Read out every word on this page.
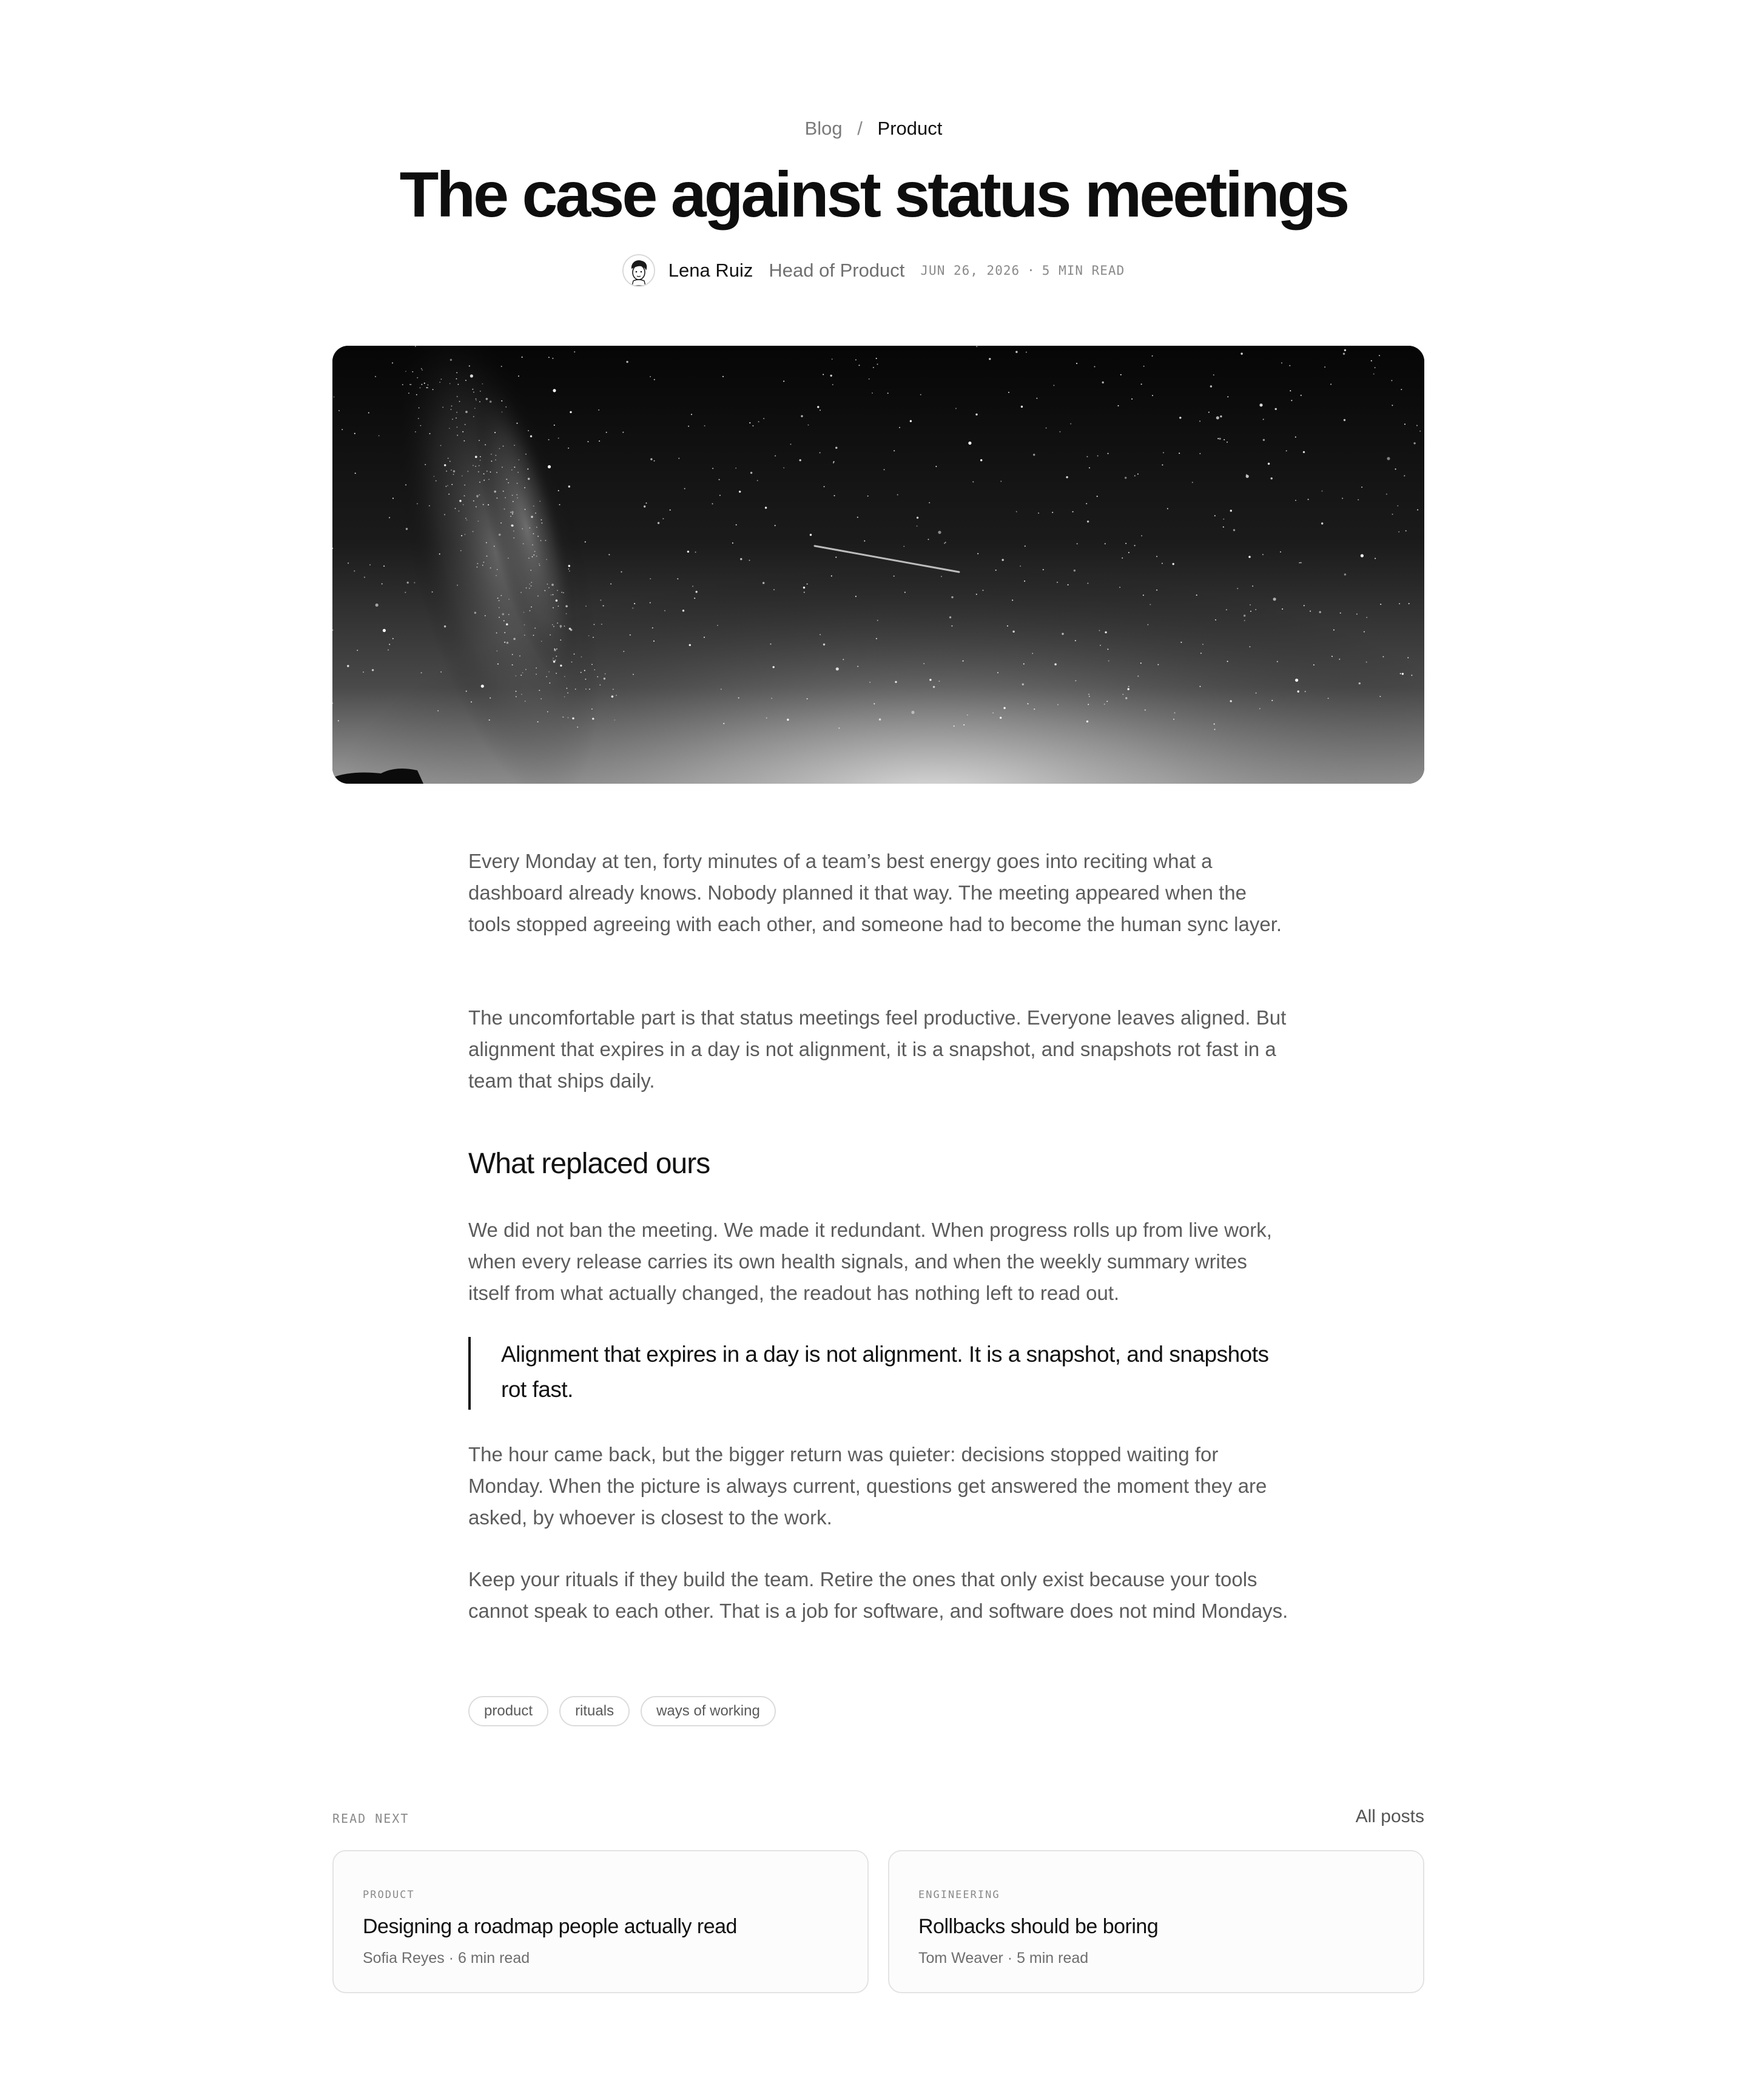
Blog / Product
The case against status meetings
Lena Ruiz Head of Product JUN 26, 2026 · 5 MIN READ

Every Monday at ten, forty minutes of a team’s best energy goes into reciting what a dashboard already knows. Nobody planned it that way. The meeting appeared when the tools stopped agreeing with each other, and someone had to become the human sync layer.

The uncomfortable part is that status meetings feel productive. Everyone leaves aligned. But alignment that expires in a day is not alignment, it is a snapshot, and snapshots rot fast in a team that ships daily.

What replaced ours

We did not ban the meeting. We made it redundant. When progress rolls up from live work, when every release carries its own health signals, and when the weekly summary writes itself from what actually changed, the readout has nothing left to read out.

Alignment that expires in a day is not alignment. It is a snapshot, and snapshots rot fast.

The hour came back, but the bigger return was quieter: decisions stopped waiting for Monday. When the picture is always current, questions get answered the moment they are asked, by whoever is closest to the work.

Keep your rituals if they build the team. Retire the ones that only exist because your tools cannot speak to each other. That is a job for software, and software does not mind Mondays.

product	rituals	ways of working
READ NEXT	All posts
PRODUCT
Designing a roadmap people actually read
Sofia Reyes · 6 min read
ENGINEERING
Rollbacks should be boring
Tom Weaver · 5 min read
